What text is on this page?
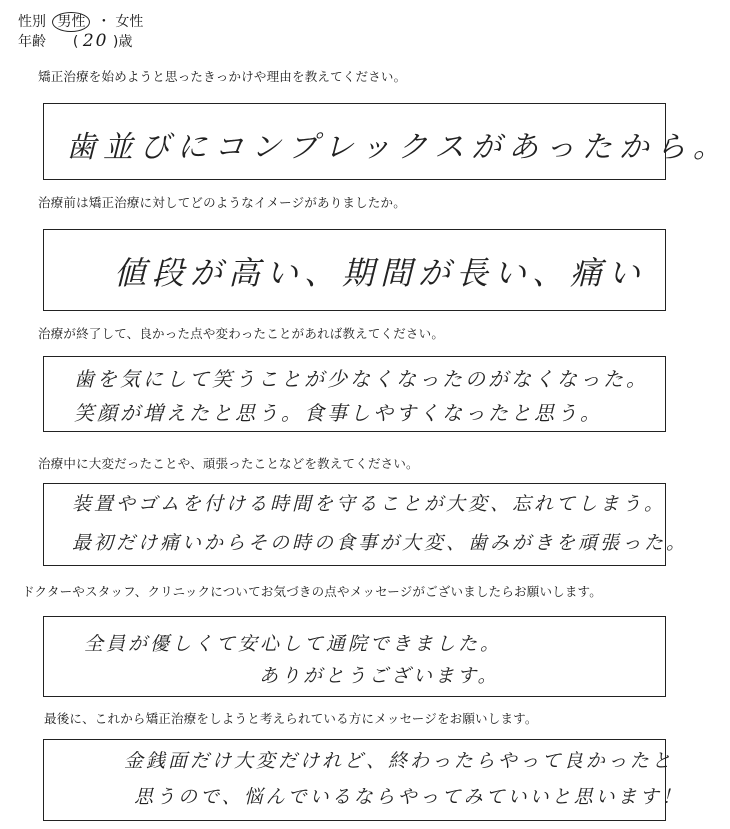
性別 男性 ・ 女性
年齢 ( 20 )歳
矯正治療を始めようと思ったきっかけや理由を教えてください。
歯並びにコンプレックスがあったから。
治療前は矯正治療に対してどのようなイメージがありましたか。
値段が高い、期間が長い、痛い
治療が終了して、良かった点や変わったことがあれば教えてください。
歯を気にして笑うことが少なくなったのがなくなった。
笑顔が増えたと思う。食事しやすくなったと思う。
治療中に大変だったことや、頑張ったことなどを教えてください。
装置やゴムを付ける時間を守ることが大変、忘れてしまう。
最初だけ痛いからその時の食事が大変、歯みがきを頑張った。
ドクターやスタッフ、クリニックについてお気づきの点やメッセージがございましたらお願いします。
全員が優しくて安心して通院できました。
ありがとうございます。
最後に、これから矯正治療をしようと考えられている方にメッセージをお願いします。
金銭面だけ大変だけれど、終わったらやって良かったと
思うので、悩んでいるならやってみていいと思います！
